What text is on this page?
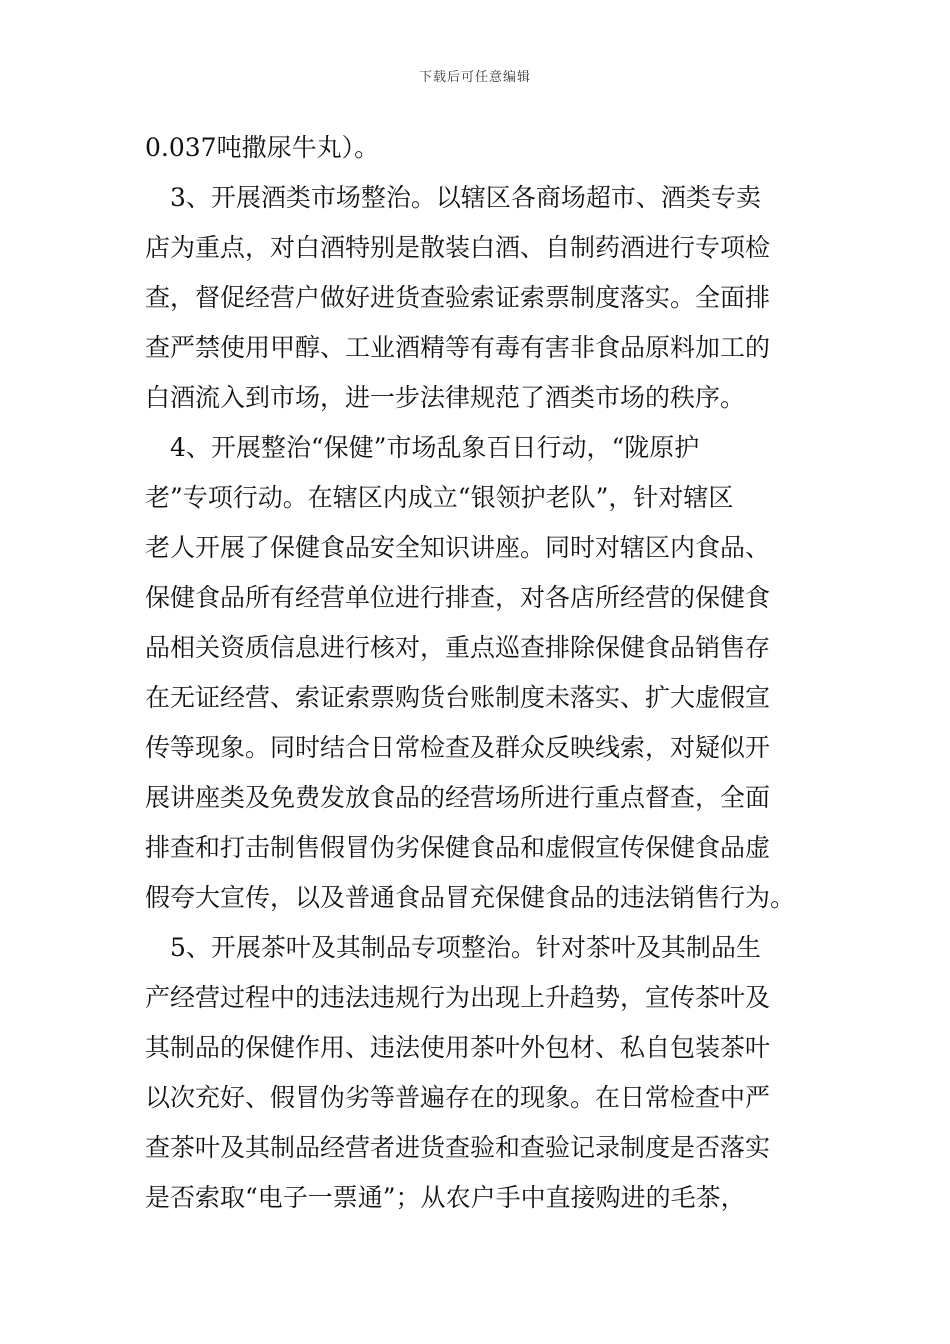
下载后可任意编辑
0.037吨撒尿牛丸）。
　3、开展酒类市场整治。以辖区各商场超市、酒类专卖
店为重点，对白酒特别是散装白酒、自制药酒进行专项检
查，督促经营户做好进货查验索证索票制度落实。全面排
查严禁使用甲醇、工业酒精等有毒有害非食品原料加工的
白酒流入到市场，进一步法律规范了酒类市场的秩序。
　4、开展整治“保健”市场乱象百日行动，“陇原护
老”专项行动。在辖区内成立“银领护老队”，针对辖区
老人开展了保健食品安全知识讲座。同时对辖区内食品、
保健食品所有经营单位进行排查，对各店所经营的保健食
品相关资质信息进行核对，重点巡查排除保健食品销售存
在无证经营、索证索票购货台账制度未落实、扩大虚假宣
传等现象。同时结合日常检查及群众反映线索，对疑似开
展讲座类及免费发放食品的经营场所进行重点督查，全面
排查和打击制售假冒伪劣保健食品和虚假宣传保健食品虚
假夸大宣传，以及普通食品冒充保健食品的违法销售行为。
　5、开展茶叶及其制品专项整治。针对茶叶及其制品生
产经营过程中的违法违规行为出现上升趋势，宣传茶叶及
其制品的保健作用、违法使用茶叶外包材、私自包装茶叶
以次充好、假冒伪劣等普遍存在的现象。在日常检查中严
查茶叶及其制品经营者进货查验和查验记录制度是否落实
是否索取“电子一票通”；从农户手中直接购进的毛茶，
